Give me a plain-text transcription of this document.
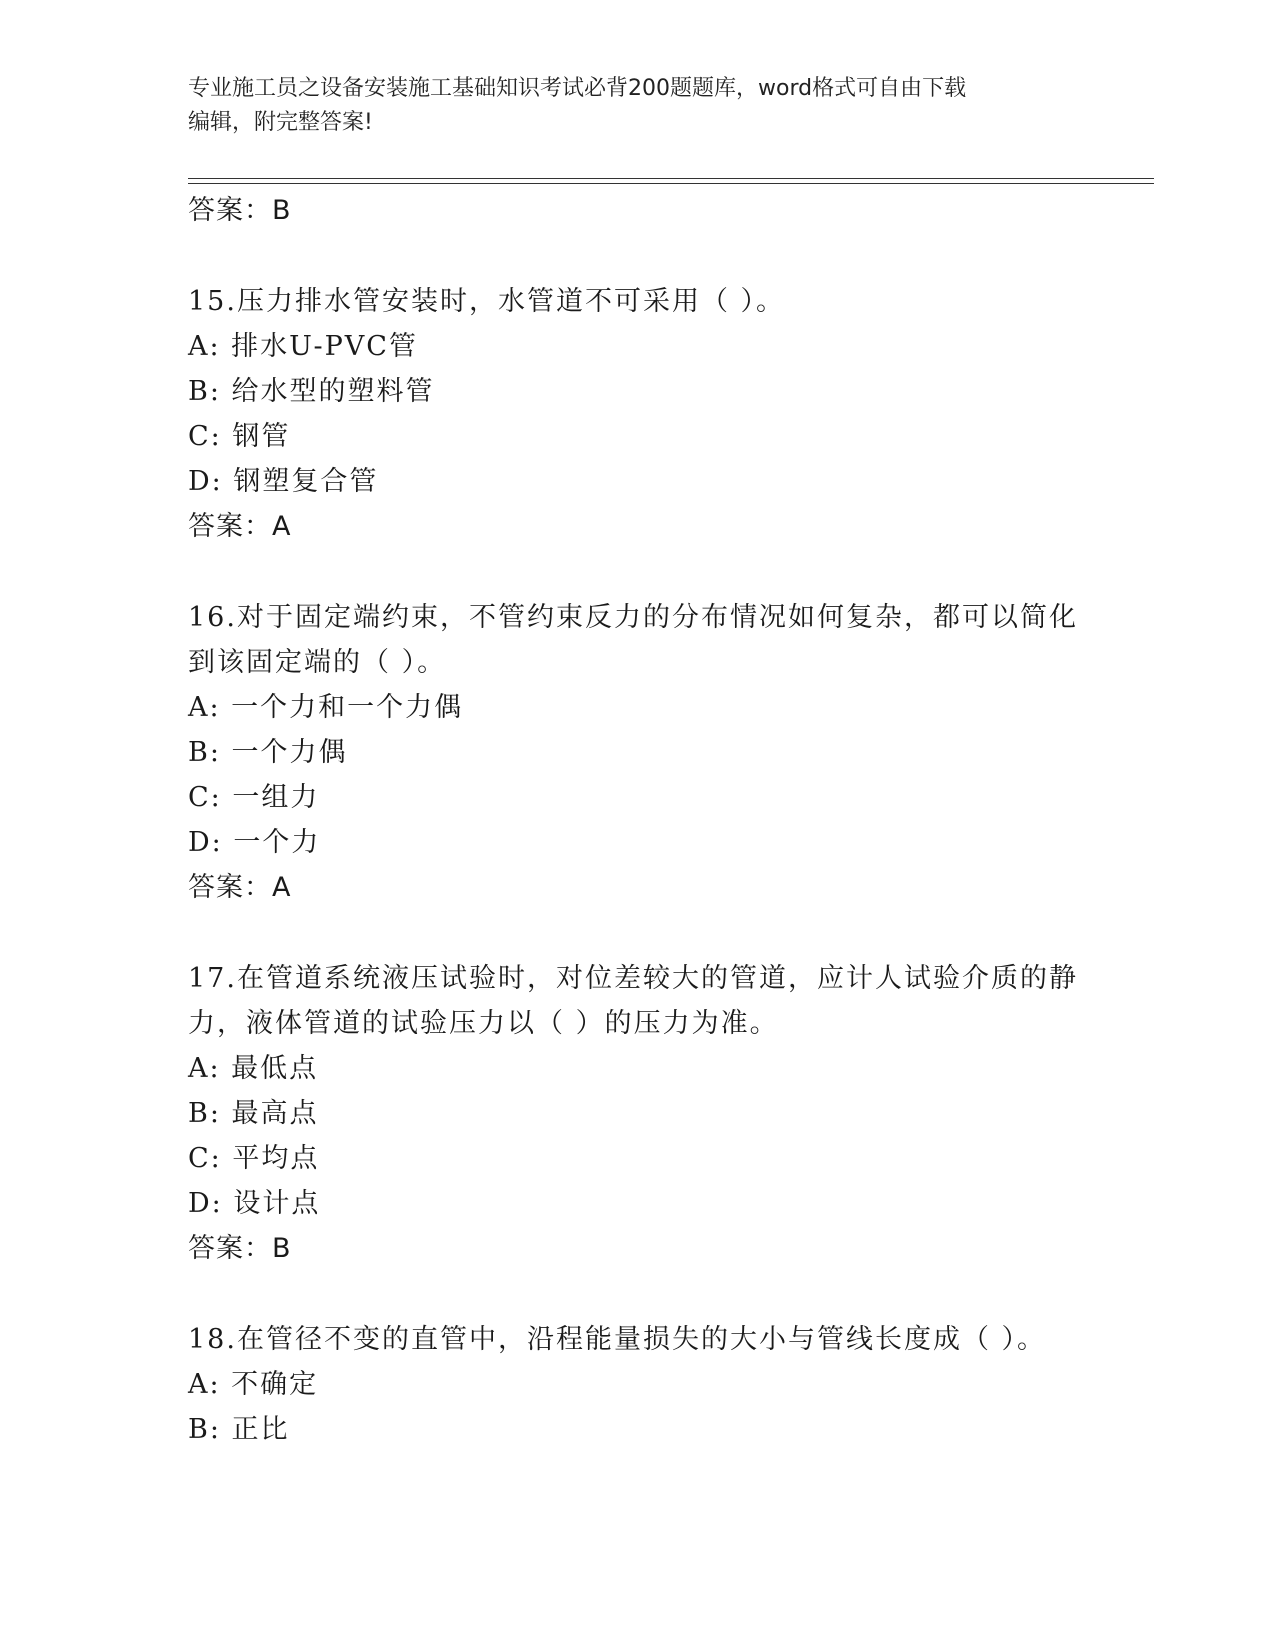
专业施工员之设备安装施工基础知识考试必背200题题库，word格式可自由下载
编辑，附完整答案!
答案：B
15.压力排水管安装时，水管道不可采用（ ）。
A: 排水U-PVC管
B: 给水型的塑料管
C: 钢管
D: 钢塑复合管
答案：A
16.对于固定端约束，不管约束反力的分布情况如何复杂，都可以简化到该固定端的（ ）。
A: 一个力和一个力偶
B: 一个力偶
C: 一组力
D: 一个力
答案：A
17.在管道系统液压试验时，对位差较大的管道，应计人试验介质的静力，液体管道的试验压力以（ ）的压力为准。
A: 最低点
B: 最高点
C: 平均点
D: 设计点
答案：B
18.在管径不变的直管中，沿程能量损失的大小与管线长度成（ ）。
A: 不确定
B: 正比
